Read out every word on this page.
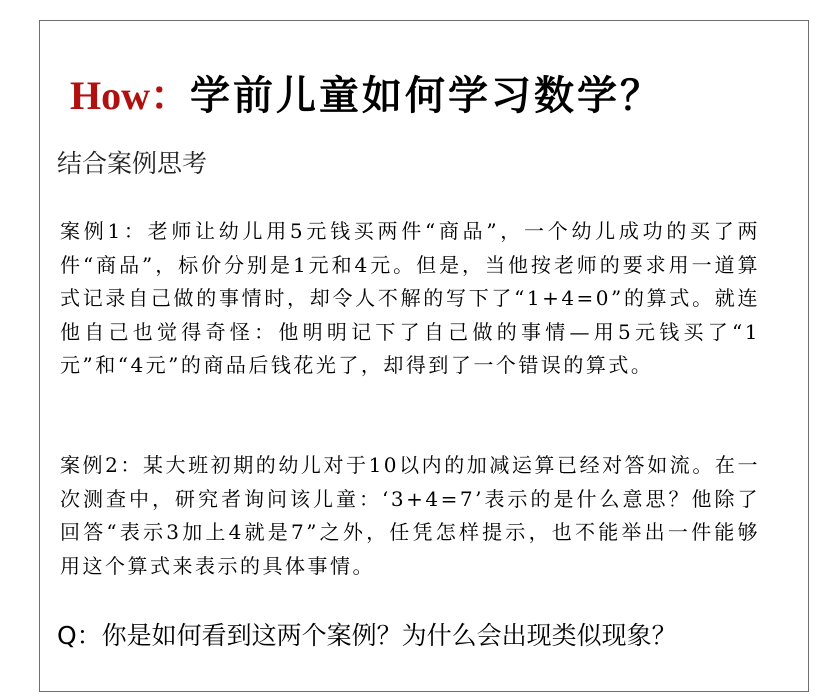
How：学前儿童如何学习数学？
结合案例思考
案例1：老师让幼儿用5元钱买两件“商品”，一个幼儿成功的买了两件“商品”，标价分别是1元和4元。但是，当他按老师的要求用一道算式记录自己做的事情时，却令人不解的写下了“1+4=0”的算式。就连他自己也觉得奇怪：他明明记下了自己做的事情—用5元钱买了“1元”和“4元”的商品后钱花光了，却得到了一个错误的算式。
案例2：某大班初期的幼儿对于10以内的加减运算已经对答如流。在一次测查中，研究者询问该儿童：‘3+4=7’表示的是什么意思？他除了回答“表示3加上4就是7”之外，任凭怎样提示，也不能举出一件能够用这个算式来表示的具体事情。
Q：你是如何看到这两个案例？为什么会出现类似现象？
